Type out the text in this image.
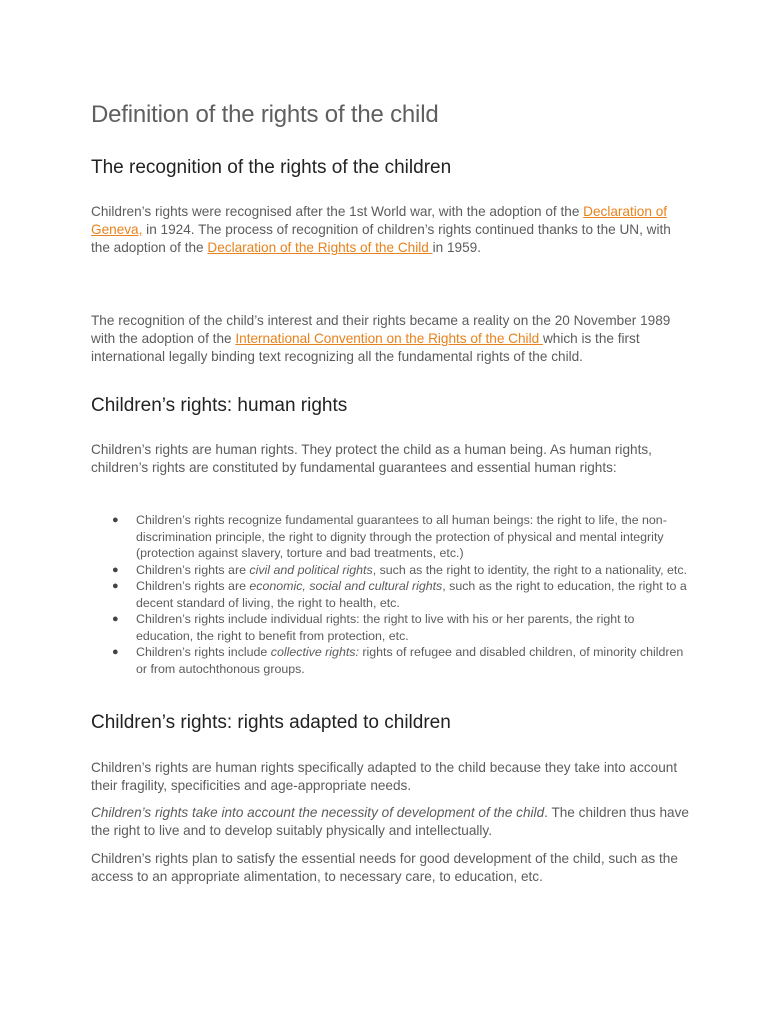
Definition of the rights of the child
The recognition of the rights of the children

Children’s rights were recognised after the 1st World war, with the adoption of the Declaration of Geneva, in 1924. The process of recognition of children’s rights continued thanks to the UN, with the adoption of the Declaration of the Rights of the Child in 1959.

The recognition of the child’s interest and their rights became a reality on the 20 November 1989 with the adoption of the International Convention on the Rights of the Child which is the first international legally binding text recognizing all the fundamental rights of the child.

Children’s rights: human rights

Children’s rights are human rights. They protect the child as a human being. As human rights, children’s rights are constituted by fundamental guarantees and essential human rights:

● Children’s rights recognize fundamental guarantees to all human beings: the right to life, the non-discrimination principle, the right to dignity through the protection of physical and mental integrity (protection against slavery, torture and bad treatments, etc.)
● Children’s rights are civil and political rights, such as the right to identity, the right to a nationality, etc.
● Children’s rights are economic, social and cultural rights, such as the right to education, the right to a decent standard of living, the right to health, etc.
● Children’s rights include individual rights: the right to live with his or her parents, the right to education, the right to benefit from protection, etc.
● Children’s rights include collective rights: rights of refugee and disabled children, of minority children or from autochthonous groups.
Children’s rights: rights adapted to children

Children’s rights are human rights specifically adapted to the child because they take into account their fragility, specificities and age-appropriate needs.

Children’s rights take into account the necessity of development of the child. The children thus have the right to live and to develop suitably physically and intellectually.

Children’s rights plan to satisfy the essential needs for good development of the child, such as the access to an appropriate alimentation, to necessary care, to education, etc.
